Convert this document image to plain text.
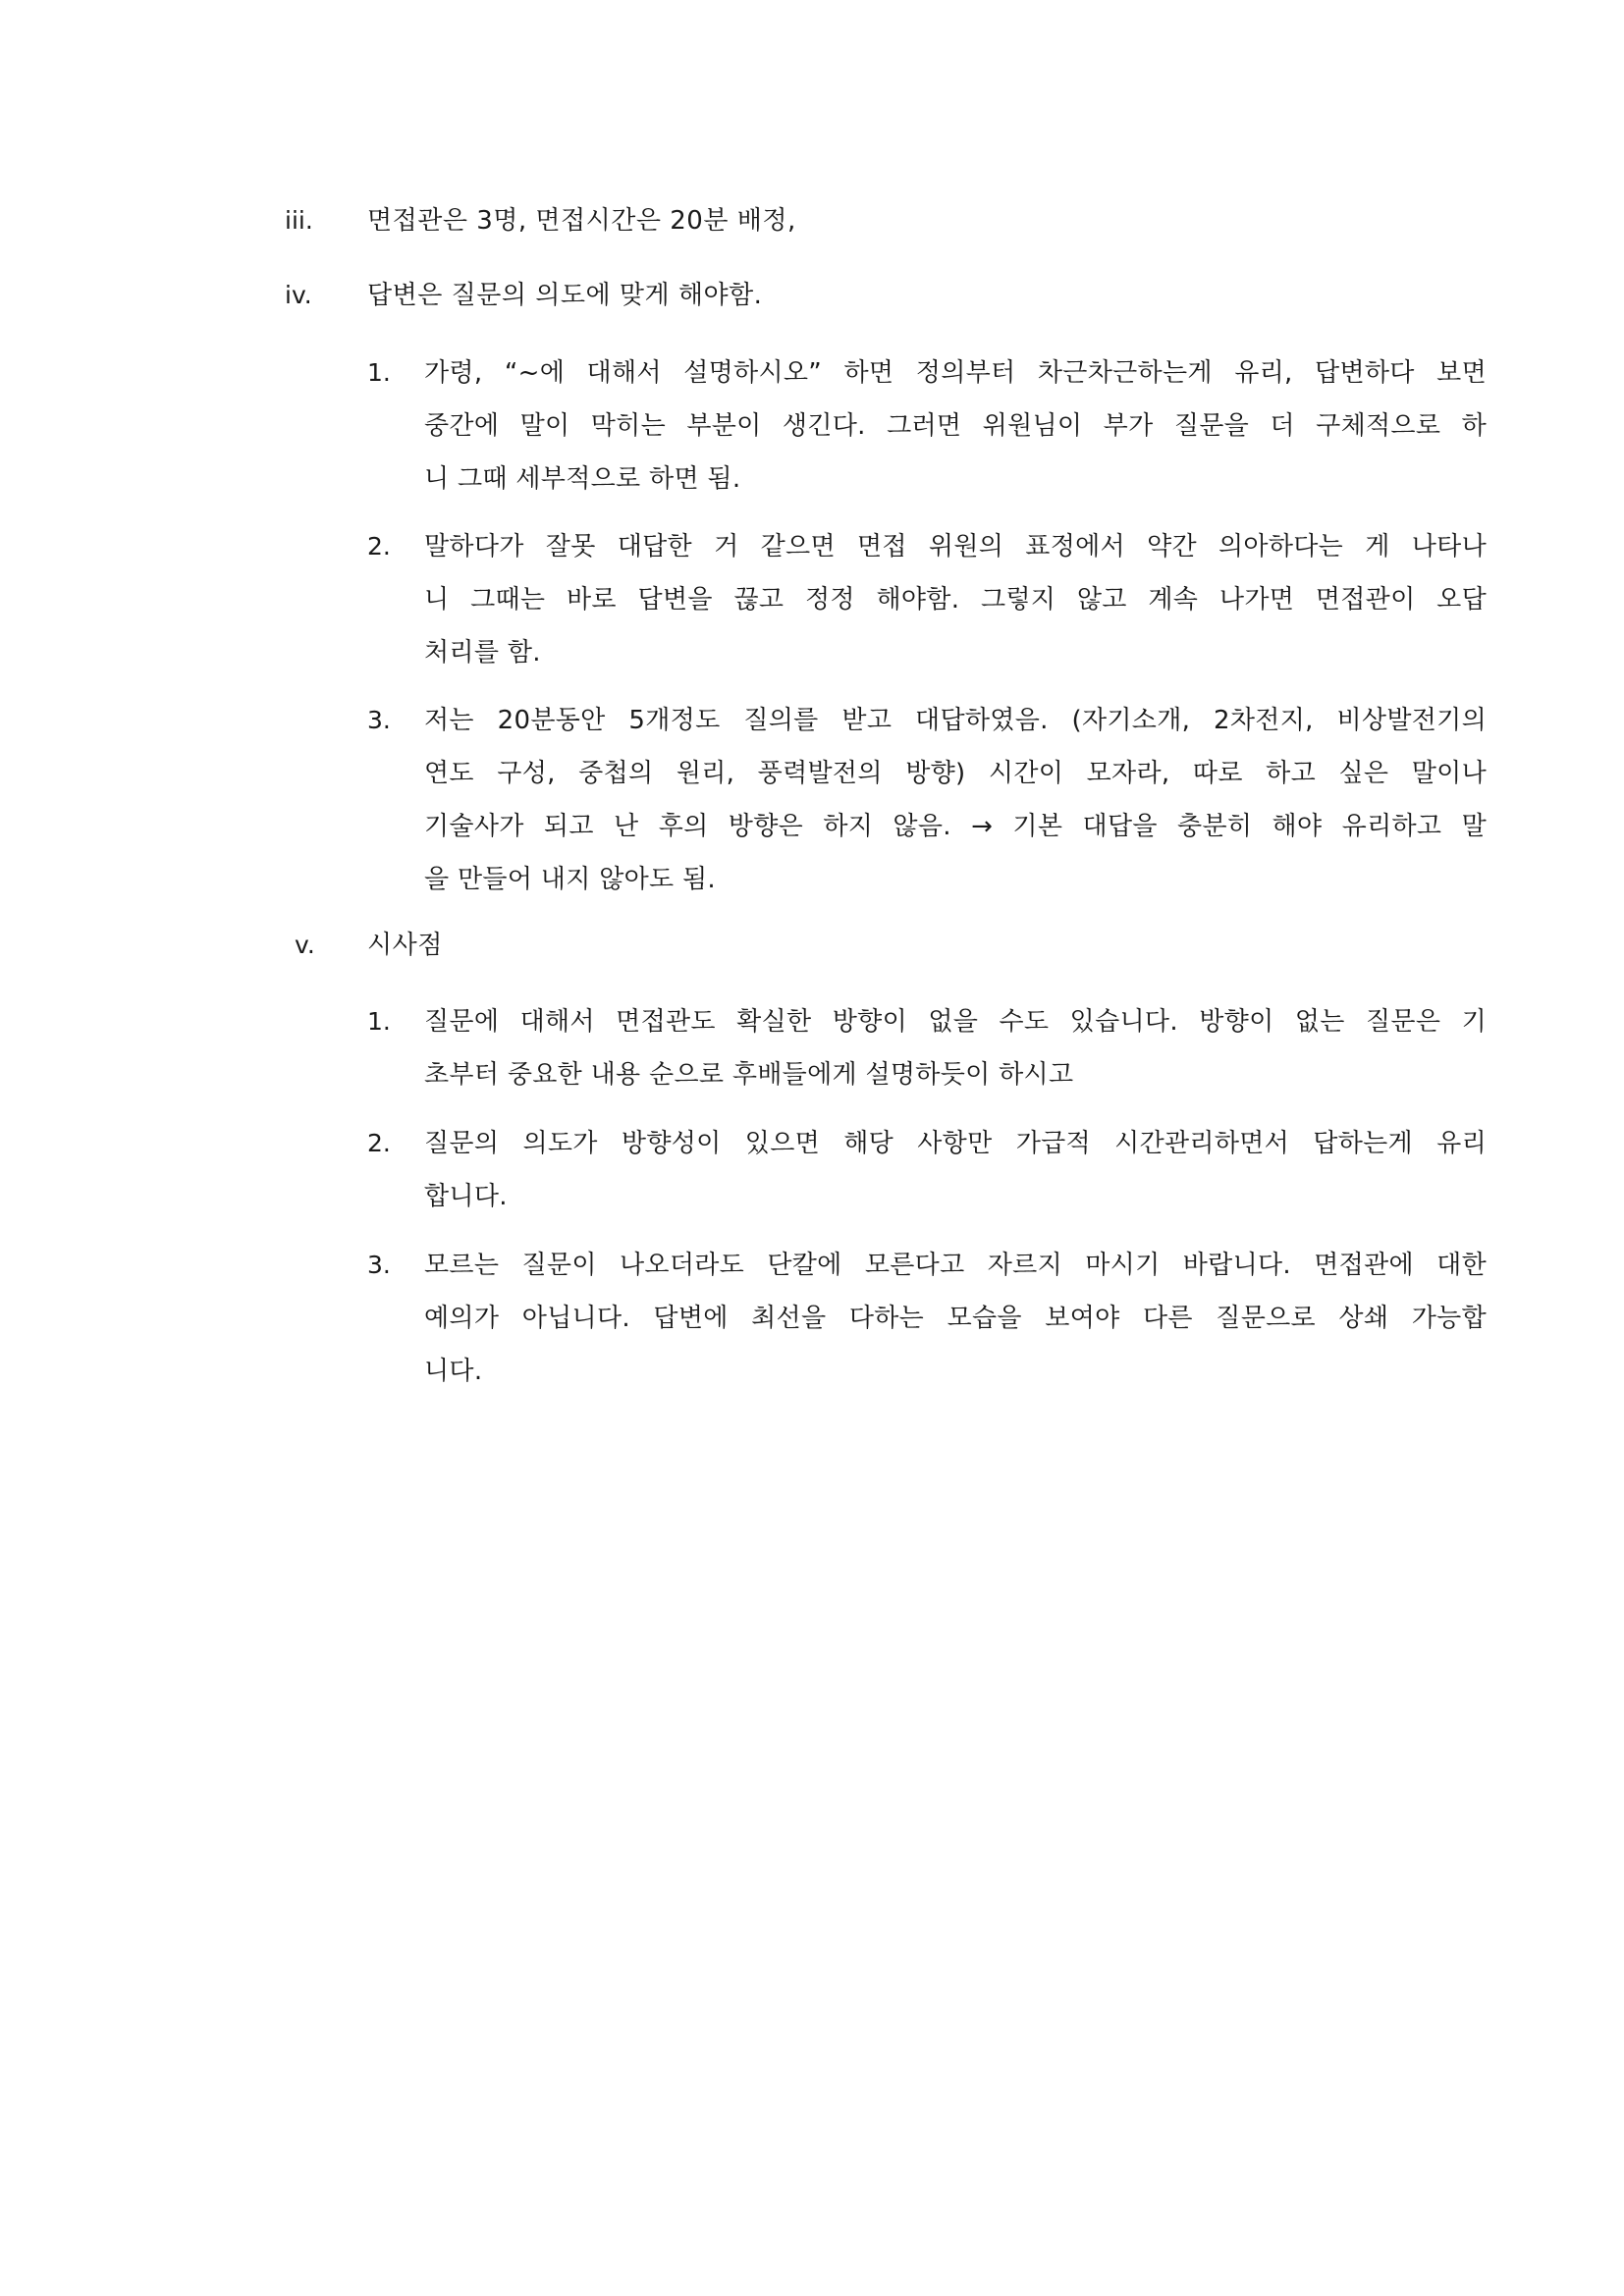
iii. 면접관은 3명, 면접시간은 20분 배정,
iv. 답변은 질문의 의도에 맞게 해야함.
1. 가령, “~에 대해서 설명하시오” 하면 정의부터 차근차근하는게 유리, 답변하다 보면
중간에 말이 막히는 부분이 생긴다. 그러면 위원님이 부가 질문을 더 구체적으로 하
니 그때 세부적으로 하면 됨.
2. 말하다가 잘못 대답한 거 같으면 면접 위원의 표정에서 약간 의아하다는 게 나타나
니 그때는 바로 답변을 끊고 정정 해야함. 그렇지 않고 계속 나가면 면접관이 오답
처리를 함.
3. 저는 20분동안 5개정도 질의를 받고 대답하였음. (자기소개, 2차전지, 비상발전기의
연도 구성, 중첩의 원리, 풍력발전의 방향) 시간이 모자라, 따로 하고 싶은 말이나
기술사가 되고 난 후의 방향은 하지 않음. → 기본 대답을 충분히 해야 유리하고 말
을 만들어 내지 않아도 됨.
v. 시사점
1. 질문에 대해서 면접관도 확실한 방향이 없을 수도 있습니다. 방향이 없는 질문은 기
초부터 중요한 내용 순으로 후배들에게 설명하듯이 하시고
2. 질문의 의도가 방향성이 있으면 해당 사항만 가급적 시간관리하면서 답하는게 유리
합니다.
3. 모르는 질문이 나오더라도 단칼에 모른다고 자르지 마시기 바랍니다. 면접관에 대한
예의가 아닙니다. 답변에 최선을 다하는 모습을 보여야 다른 질문으로 상쇄 가능합
니다.
